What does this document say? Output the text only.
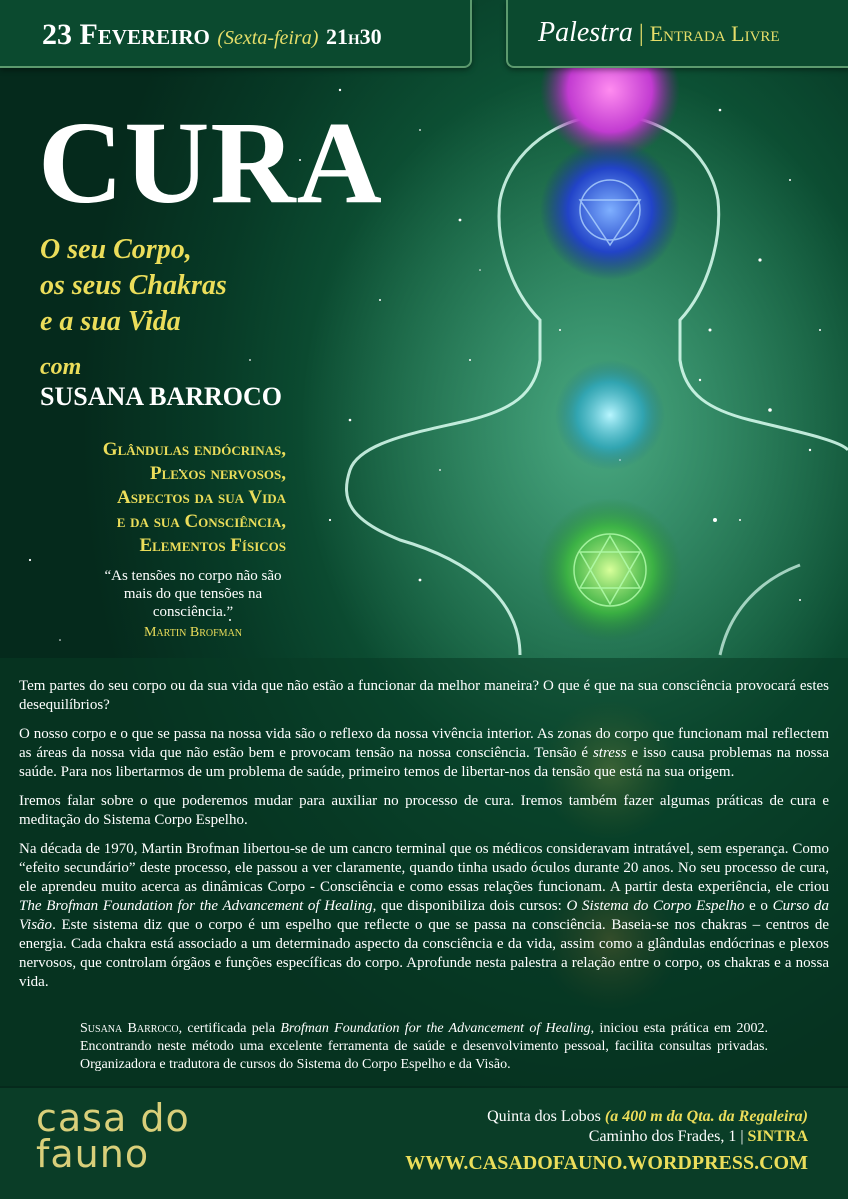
23 Fevereiro (Sexta-feira) 21h30	Palestra | Entrada Livre
CURA
O seu Corpo,
os seus Chakras
e a sua Vida
com
SUSANA BARROCO
Glândulas endócrinas,
Plexos nervosos,
Aspectos da sua Vida
e da sua Consciência,
Elementos Físicos
“As tensões no corpo não são mais do que tensões na consciência.”
Martin Brofman

Tem partes do seu corpo ou da sua vida que não estão a funcionar da melhor maneira? O que é que na sua consciência provocará estes desequilíbrios?

O nosso corpo e o que se passa na nossa vida são o reflexo da nossa vivência interior. As zonas do corpo que funcionam mal reflectem as áreas da nossa vida que não estão bem e provocam tensão na nossa consciência. Tensão é stress e isso causa problemas na nossa saúde. Para nos libertarmos de um problema de saúde, primeiro temos de libertar-nos da tensão que está na sua origem.

Iremos falar sobre o que poderemos mudar para auxiliar no processo de cura. Iremos também fazer algumas práticas de cura e meditação do Sistema Corpo Espelho.

Na década de 1970, Martin Brofman libertou-se de um cancro terminal que os médicos consideravam intratável, sem esperança. Como “efeito secundário” deste processo, ele passou a ver claramente, quando tinha usado óculos durante 20 anos. No seu processo de cura, ele aprendeu muito acerca as dinâmicas Corpo - Consciência e como essas relações funcionam. A partir desta experiência, ele criou The Brofman Foundation for the Advancement of Healing, que disponibiliza dois cursos: O Sistema do Corpo Espelho e o Curso da Visão. Este sistema diz que o corpo é um espelho que reflecte o que se passa na consciência. Baseia-se nos chakras – centros de energia. Cada chakra está associado a um determinado aspecto da consciência e da vida, assim como a glândulas endócrinas e plexos nervosos, que controlam órgãos e funções específicas do corpo. Aprofunde nesta palestra a relação entre o corpo, os chakras e a nossa vida.

Susana Barroco, certificada pela Brofman Foundation for the Advancement of Healing, iniciou esta prática em 2002. Encontrando neste método uma excelente ferramenta de saúde e desenvolvimento pessoal, facilita consultas privadas. Organizadora e tradutora de cursos do Sistema do Corpo Espelho e da Visão.
casa do
fauno
Quinta dos Lobos (a 400 m da Qta. da Regaleira)
Caminho dos Frades, 1 | SINTRA
WWW.CASADOFAUNO.WORDPRESS.COM
